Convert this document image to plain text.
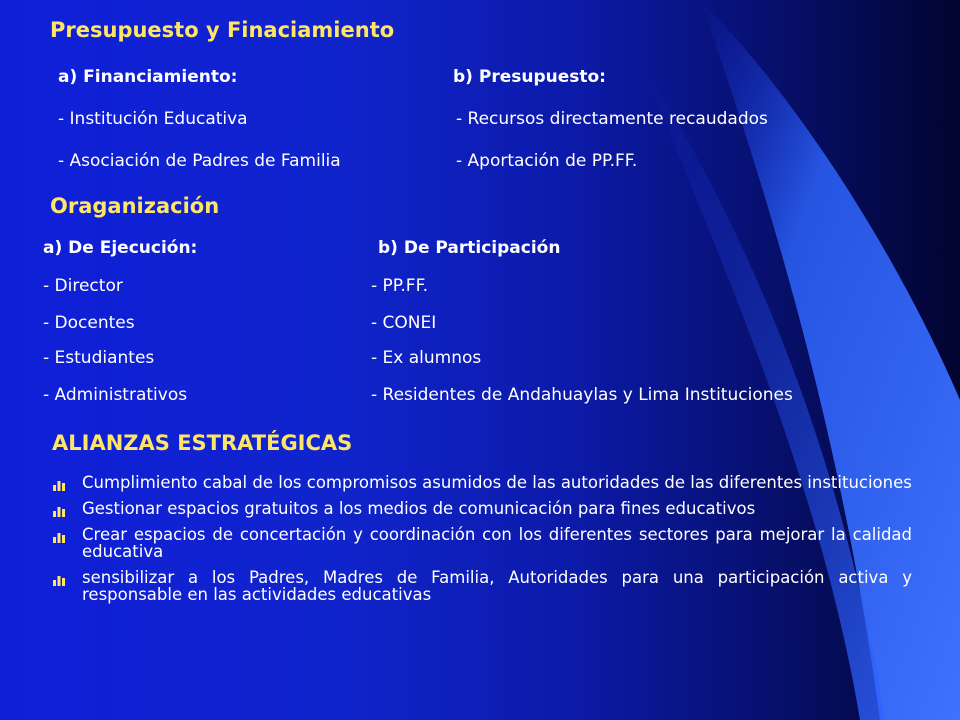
Presupuesto y Finaciamiento
a) Financiamiento:	b) Presupuesto:
- Institución Educativa
- Asociación de Padres de Familia
- Recursos directamente recaudados
- Aportación de PP.FF.
Oraganización
a) De Ejecución:	b) De Participación
- Director
- Docentes
- Estudiantes
- Administrativos
- PP.FF.
- CONEI
- Ex alumnos
- Residentes de Andahuaylas y Lima Instituciones
ALIANZAS ESTRATÉGICAS
Cumplimiento cabal de los compromisos asumidos de las autoridades de las diferentes instituciones
Gestionar espacios gratuitos a los medios de comunicación para fines educativos
Crear espacios de concertación y coordinación con los diferentes sectores para mejorar la calidad educativa
sensibilizar a los Padres, Madres de Familia, Autoridades para una participación activa y responsable en las actividades educativas
